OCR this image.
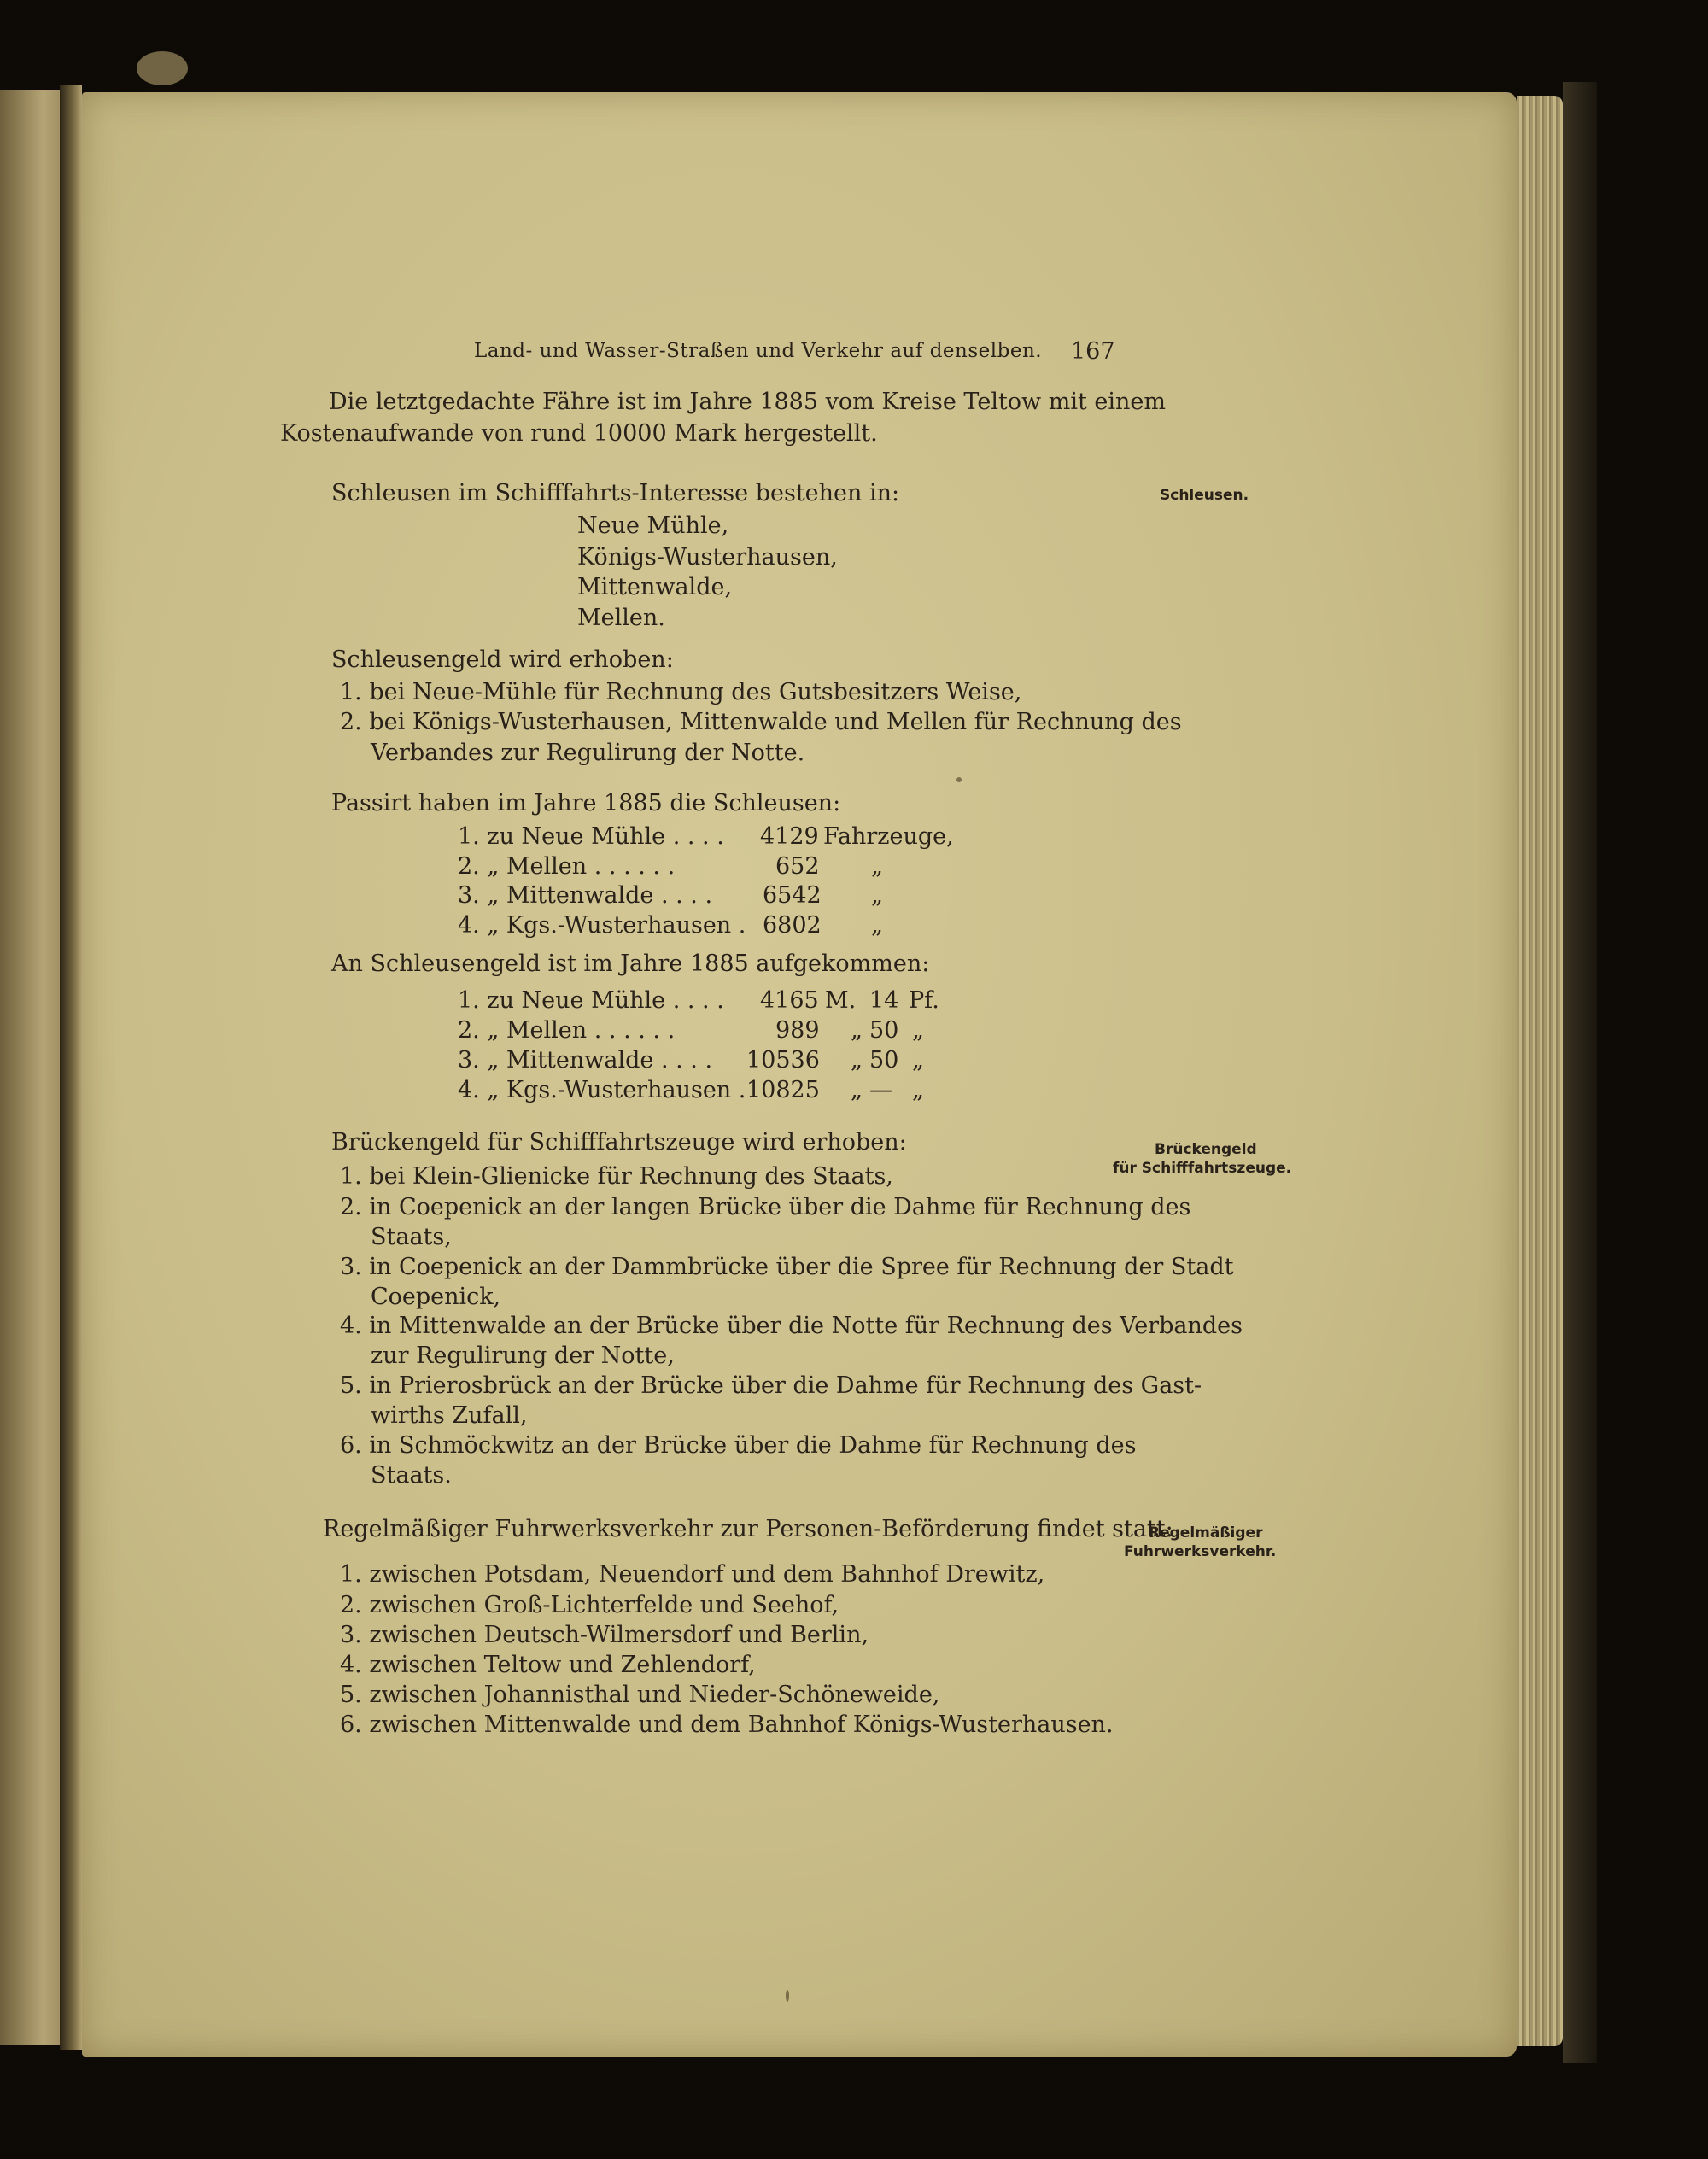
Land- und Wasser-Straßen und Verkehr auf denselben. 167
Die letztgedachte Fähre ist im Jahre 1885 vom Kreise Teltow mit einem
Kostenaufwande von rund 10000 Mark hergestellt.
Schleusen im Schifffahrts-Interesse bestehen in:	Schleusen.
Neue Mühle,
Königs-Wusterhausen,
Mittenwalde,
Mellen.
Schleusengeld wird erhoben:
1. bei Neue-Mühle für Rechnung des Gutsbesitzers Weise,
2. bei Königs-Wusterhausen, Mittenwalde und Mellen für Rechnung des
Verbandes zur Regulirung der Notte.
Passirt haben im Jahre 1885 die Schleusen:
1. zu Neue Mühle . . . . 4129 Fahrzeuge,
2. „ Mellen . . . . . .	652 „
3. „ Mittenwalde . . . . 6542 „
4. „ Kgs.-Wusterhausen . 6802 „
An Schleusengeld ist im Jahre 1885 aufgekommen:
1. zu Neue Mühle . . . . 4165 M. 14 Pf.
2. „ Mellen . . . . . .	989 „ 50 „
3. „ Mittenwalde . . . . 10536 „ 50 „
4. „ Kgs.-Wusterhausen . 10825 „ — „
Brückengeld für Schifffahrtszeuge wird erhoben:	Brückengeld
für Schifffahrtszeuge.
1. bei Klein-Glienicke für Rechnung des Staats,
2. in Coepenick an der langen Brücke über die Dahme für Rechnung des
Staats,
3. in Coepenick an der Dammbrücke über die Spree für Rechnung der Stadt
Coepenick,
4. in Mittenwalde an der Brücke über die Notte für Rechnung des Verbandes
zur Regulirung der Notte,
5. in Prierosbrück an der Brücke über die Dahme für Rechnung des Gast-
wirths Zufall,
6. in Schmöckwitz an der Brücke über die Dahme für Rechnung des
Staats.
Regelmäßiger Fuhrwerksverkehr zur Personen-Beförderung findet statt:
Regelmäßiger
Fuhrwerksverkehr.
1. zwischen Potsdam, Neuendorf und dem Bahnhof Drewitz,
2. zwischen Groß-Lichterfelde und Seehof,
3. zwischen Deutsch-Wilmersdorf und Berlin,
4. zwischen Teltow und Zehlendorf,
5. zwischen Johannisthal und Nieder-Schöneweide,
6. zwischen Mittenwalde und dem Bahnhof Königs-Wusterhausen.
